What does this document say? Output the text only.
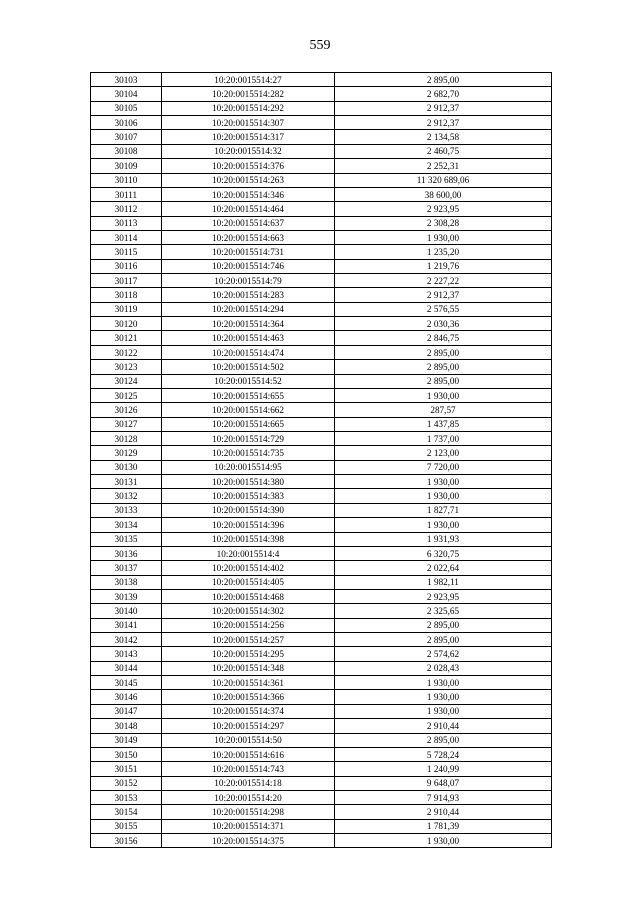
559
30103	10:20:0015514:27	2 895,00
30104	10:20:0015514:282	2 682,70
30105	10:20:0015514:292	2 912,37
30106	10:20:0015514:307	2 912,37
30107	10:20:0015514:317	2 134,58
30108	10:20:0015514:32	2 460,75
30109	10:20:0015514:376	2 252,31
30110	10:20:0015514:263	11 320 689,06
30111	10:20:0015514:346	38 600,00
30112	10:20:0015514:464	2 923,95
30113	10:20:0015514:637	2 308,28
30114	10:20:0015514:663	1 930,00
30115	10:20:0015514:731	1 235,20
30116	10:20:0015514:746	1 219,76
30117	10:20:0015514:79	2 227,22
30118	10:20:0015514:283	2 912,37
30119	10:20:0015514:294	2 576,55
30120	10:20:0015514:364	2 030,36
30121	10:20:0015514:463	2 846,75
30122	10:20:0015514:474	2 895,00
30123	10:20:0015514:502	2 895,00
30124	10:20:0015514:52	2 895,00
30125	10:20:0015514:655	1 930,00
30126	10:20:0015514:662	287,57
30127	10:20:0015514:665	1 437,85
30128	10:20:0015514:729	1 737,00
30129	10:20:0015514:735	2 123,00
30130	10:20:0015514:95	7 720,00
30131	10:20:0015514:380	1 930,00
30132	10:20:0015514:383	1 930,00
30133	10:20:0015514:390	1 827,71
30134	10:20:0015514:396	1 930,00
30135	10:20:0015514:398	1 931,93
30136	10:20:0015514:4	6 320,75
30137	10:20:0015514:402	2 022,64
30138	10:20:0015514:405	1 982,11
30139	10:20:0015514:468	2 923,95
30140	10:20:0015514:302	2 325,65
30141	10:20:0015514:256	2 895,00
30142	10:20:0015514:257	2 895,00
30143	10:20:0015514:295	2 574,62
30144	10:20:0015514:348	2 028,43
30145	10:20:0015514:361	1 930,00
30146	10:20:0015514:366	1 930,00
30147	10:20:0015514:374	1 930,00
30148	10:20:0015514:297	2 910,44
30149	10:20:0015514:50	2 895,00
30150	10:20:0015514:616	5 728,24
30151	10:20:0015514:743	1 240,99
30152	10:20:0015514:18	9 648,07
30153	10:20:0015514:20	7 914,93
30154	10:20:0015514:298	2 910,44
30155	10:20:0015514:371	1 781,39
30156	10:20:0015514:375	1 930,00
